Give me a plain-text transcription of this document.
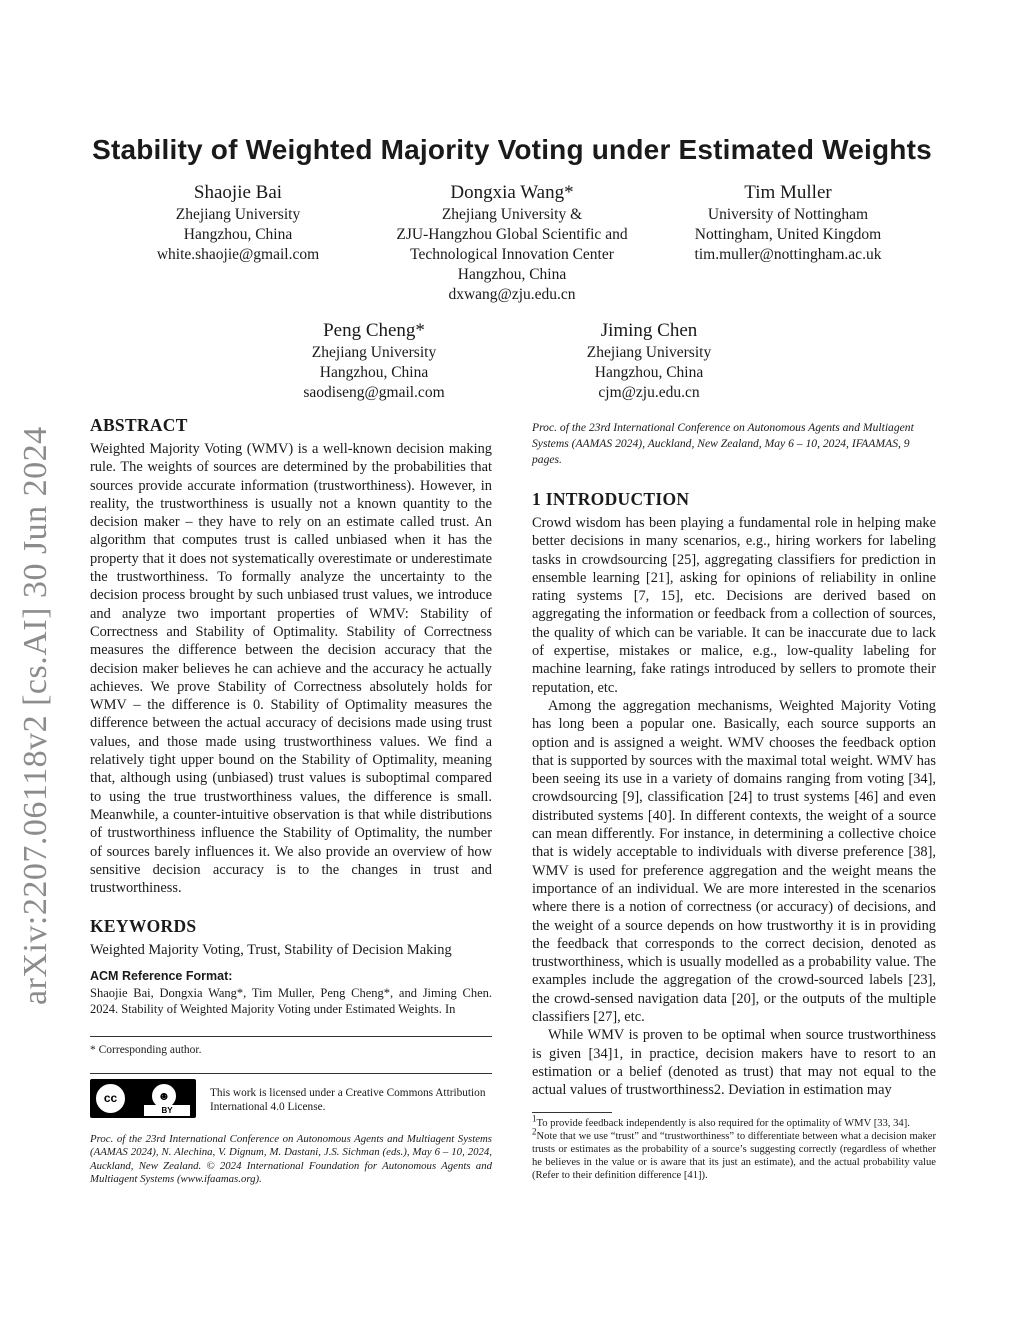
arXiv:2207.06118v2 [cs.AI] 30 Jun 2024
Stability of Weighted Majority Voting under Estimated Weights
Shaojie Bai
Zhejiang University
Hangzhou, China
white.shaojie@gmail.com
Dongxia Wang*
Zhejiang University &
ZJU-Hangzhou Global Scientific and
Technological Innovation Center
Hangzhou, China
dxwang@zju.edu.cn
Tim Muller
University of Nottingham
Nottingham, United Kingdom
tim.muller@nottingham.ac.uk
Peng Cheng*
Zhejiang University
Hangzhou, China
saodiseng@gmail.com
Jiming Chen
Zhejiang University
Hangzhou, China
cjm@zju.edu.cn
ABSTRACT
Weighted Majority Voting (WMV) is a well-known decision making rule. The weights of sources are determined by the probabilities that sources provide accurate information (trustworthiness). However, in reality, the trustworthiness is usually not a known quantity to the decision maker – they have to rely on an estimate called trust. An algorithm that computes trust is called unbiased when it has the property that it does not systematically overestimate or underestimate the trustworthiness. To formally analyze the uncertainty to the decision process brought by such unbiased trust values, we introduce and analyze two important properties of WMV: Stability of Correctness and Stability of Optimality. Stability of Correctness measures the difference between the decision accuracy that the decision maker believes he can achieve and the accuracy he actually achieves. We prove Stability of Correctness absolutely holds for WMV – the difference is 0. Stability of Optimality measures the difference between the actual accuracy of decisions made using trust values, and those made using trustworthiness values. We find a relatively tight upper bound on the Stability of Optimality, meaning that, although using (unbiased) trust values is suboptimal compared to using the true trustworthiness values, the difference is small. Meanwhile, a counter-intuitive observation is that while distributions of trustworthiness influence the Stability of Optimality, the number of sources barely influences it. We also provide an overview of how sensitive decision accuracy is to the changes in trust and trustworthiness.
KEYWORDS
Weighted Majority Voting, Trust, Stability of Decision Making
ACM Reference Format:
Shaojie Bai, Dongxia Wang*, Tim Muller, Peng Cheng*, and Jiming Chen. 2024. Stability of Weighted Majority Voting under Estimated Weights. In
* Corresponding author.
cc	☻
BY
This work is licensed under a Creative Commons Attribution International 4.0 License.
Proc. of the 23rd International Conference on Autonomous Agents and Multiagent Systems (AAMAS 2024), N. Alechina, V. Dignum, M. Dastani, J.S. Sichman (eds.), May 6 – 10, 2024, Auckland, New Zealand. © 2024 International Foundation for Autonomous Agents and Multiagent Systems (www.ifaamas.org).
Proc. of the 23rd International Conference on Autonomous Agents and Multiagent Systems (AAMAS 2024), Auckland, New Zealand, May 6 – 10, 2024, IFAAMAS, 9 pages.
1 INTRODUCTION

Crowd wisdom has been playing a fundamental role in helping make better decisions in many scenarios, e.g., hiring workers for labeling tasks in crowdsourcing [25], aggregating classifiers for prediction in ensemble learning [21], asking for opinions of reliability in online rating systems [7, 15], etc. Decisions are derived based on aggregating the information or feedback from a collection of sources, the quality of which can be variable. It can be inaccurate due to lack of expertise, mistakes or malice, e.g., low-quality labeling for machine learning, fake ratings introduced by sellers to promote their reputation, etc.

Among the aggregation mechanisms, Weighted Majority Voting has long been a popular one. Basically, each source supports an option and is assigned a weight. WMV chooses the feedback option that is supported by sources with the maximal total weight. WMV has been seeing its use in a variety of domains ranging from voting [34], crowdsourcing [9], classification [24] to trust systems [46] and even distributed systems [40]. In different contexts, the weight of a source can mean differently. For instance, in determining a collective choice that is widely acceptable to individuals with diverse preference [38], WMV is used for preference aggregation and the weight means the importance of an individual. We are more interested in the scenarios where there is a notion of correctness (or accuracy) of decisions, and the weight of a source depends on how trustworthy it is in providing the feedback that corresponds to the correct decision, denoted as trustworthiness, which is usually modelled as a probability value. The examples include the aggregation of the crowd-sourced labels [23], the crowd-sensed navigation data [20], or the outputs of the multiple classifiers [27], etc.

While WMV is proven to be optimal when source trustworthiness is given [34]1, in practice, decision makers have to resort to an estimation or a belief (denoted as trust) that may not equal to the actual values of trustworthiness2. Deviation in estimation may

$^1$To provide feedback independently is also required for the optimality of WMV [33, 34].
$^2$Note that we use “trust” and “trustworthiness” to differentiate between what a decision maker trusts or estimates as the probability of a source’s suggesting correctly (regardless of whether he believes in the value or is aware that its just an estimate), and the actual probability value (Refer to their definition difference [41]).
